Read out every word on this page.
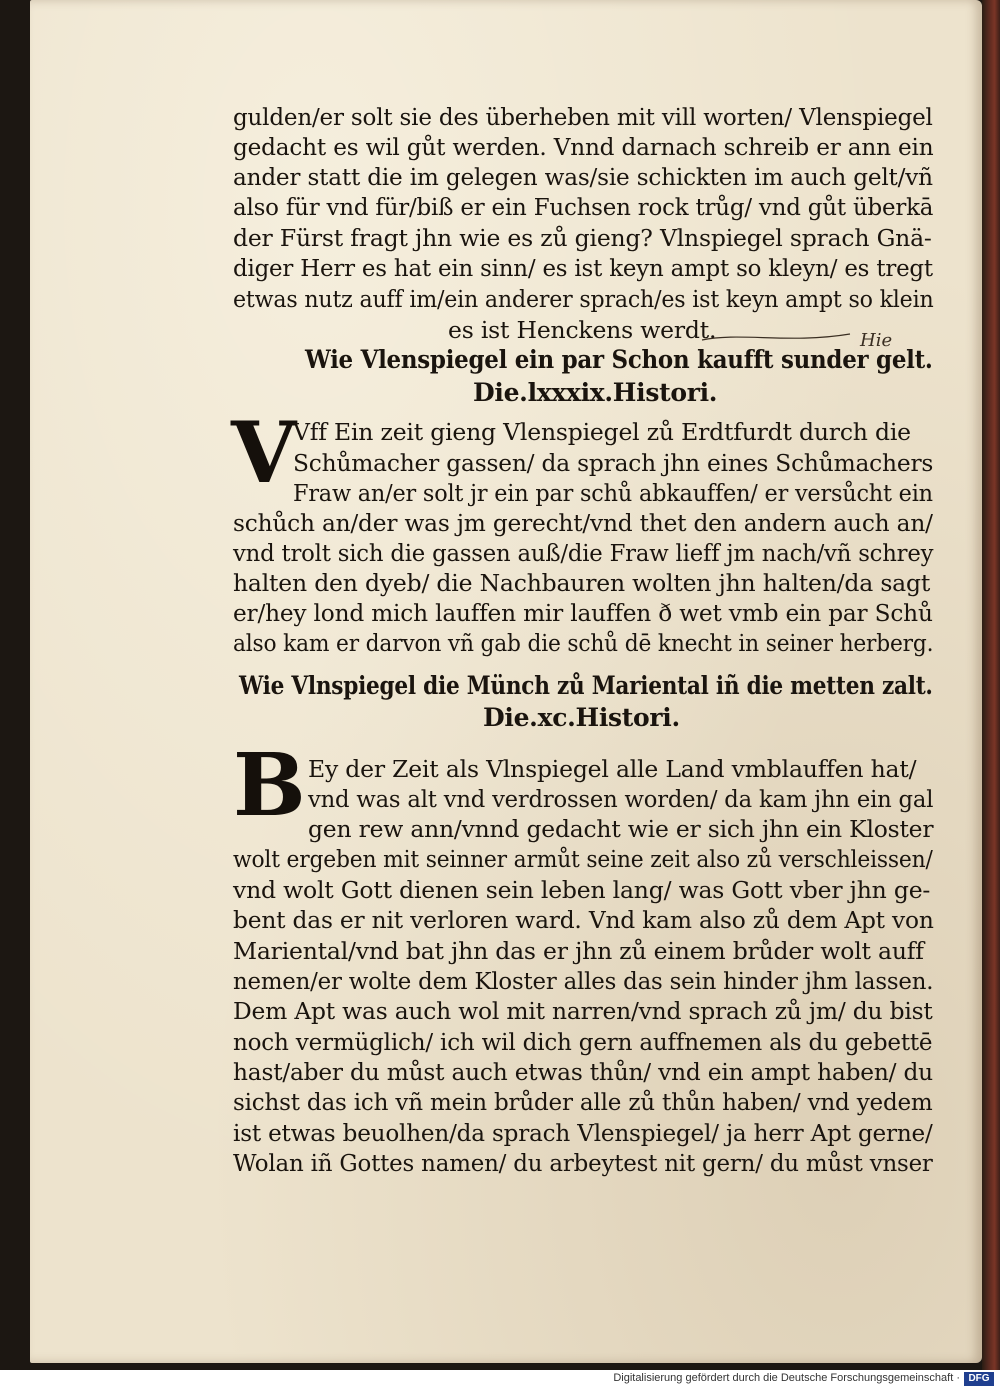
gulden/er solt sie des überheben mit vill worten/ Vlenspiegel
gedacht es wil gůt werden. Vnnd darnach schreib er ann ein
ander statt die im gelegen was/sie schickten im auch gelt/vñ
also für vnd für/biß er ein Fuchsen rock trůg/ vnd gůt überkā
der Fürst fragt jhn wie es zů gieng? Vlnspiegel sprach Gnä-
diger Herr es hat ein sinn/ es ist keyn ampt so kleyn/ es tregt
etwas nutz auff im/ein anderer sprach/es ist keyn ampt so klein
es ist Henckens werdt.
Wie Vlenspiegel ein par Schon kaufft sunder gelt.
Die.lxxxix.Histori.
V
Vff Ein zeit gieng Vlenspiegel zů Erdtfurdt durch die
Schůmacher gassen/ da sprach jhn eines Schůmachers
Fraw an/er solt jr ein par schů abkauffen/ er versůcht ein
schůch an/der was jm gerecht/vnd thet den andern auch an/
vnd trolt sich die gassen auß/die Fraw lieff jm nach/vñ schrey
halten den dyeb/ die Nachbauren wolten jhn halten/da sagt
er/hey lond mich lauffen mir lauffen ð wet vmb ein par Schů
also kam er darvon vñ gab die schů dē knecht in seiner herberg.
Wie Vlnspiegel die Münch zů Mariental iñ die metten zalt.
Die.xc.Histori.
B Ey der Zeit als Vlnspiegel alle Land vmblauffen hat/
vnd was alt vnd verdrossen worden/ da kam jhn ein gal
gen rew ann/vnnd gedacht wie er sich jhn ein Kloster
wolt ergeben mit seinner armůt seine zeit also zů verschleissen/
vnd wolt Gott dienen sein leben lang/ was Gott vber jhn ge-
bent das er nit verloren ward. Vnd kam also zů dem Apt von
Mariental/vnd bat jhn das er jhn zů einem brůder wolt auff
nemen/er wolte dem Kloster alles das sein hinder jhm lassen.
Dem Apt was auch wol mit narren/vnd sprach zů jm/ du bist
noch vermüglich/ ich wil dich gern auffnemen als du gebettē
hast/aber du můst auch etwas thůn/ vnd ein ampt haben/ du
sichst das ich vñ mein brůder alle zů thůn haben/ vnd yedem
ist etwas beuolhen/da sprach Vlenspiegel/ ja herr Apt gerne/
Wolan iñ Gottes namen/ du arbeytest nit gern/ du můst vnser
Hie
Digitalisierung gefördert durch die Deutsche Forschungsgemeinschaft · DFG
